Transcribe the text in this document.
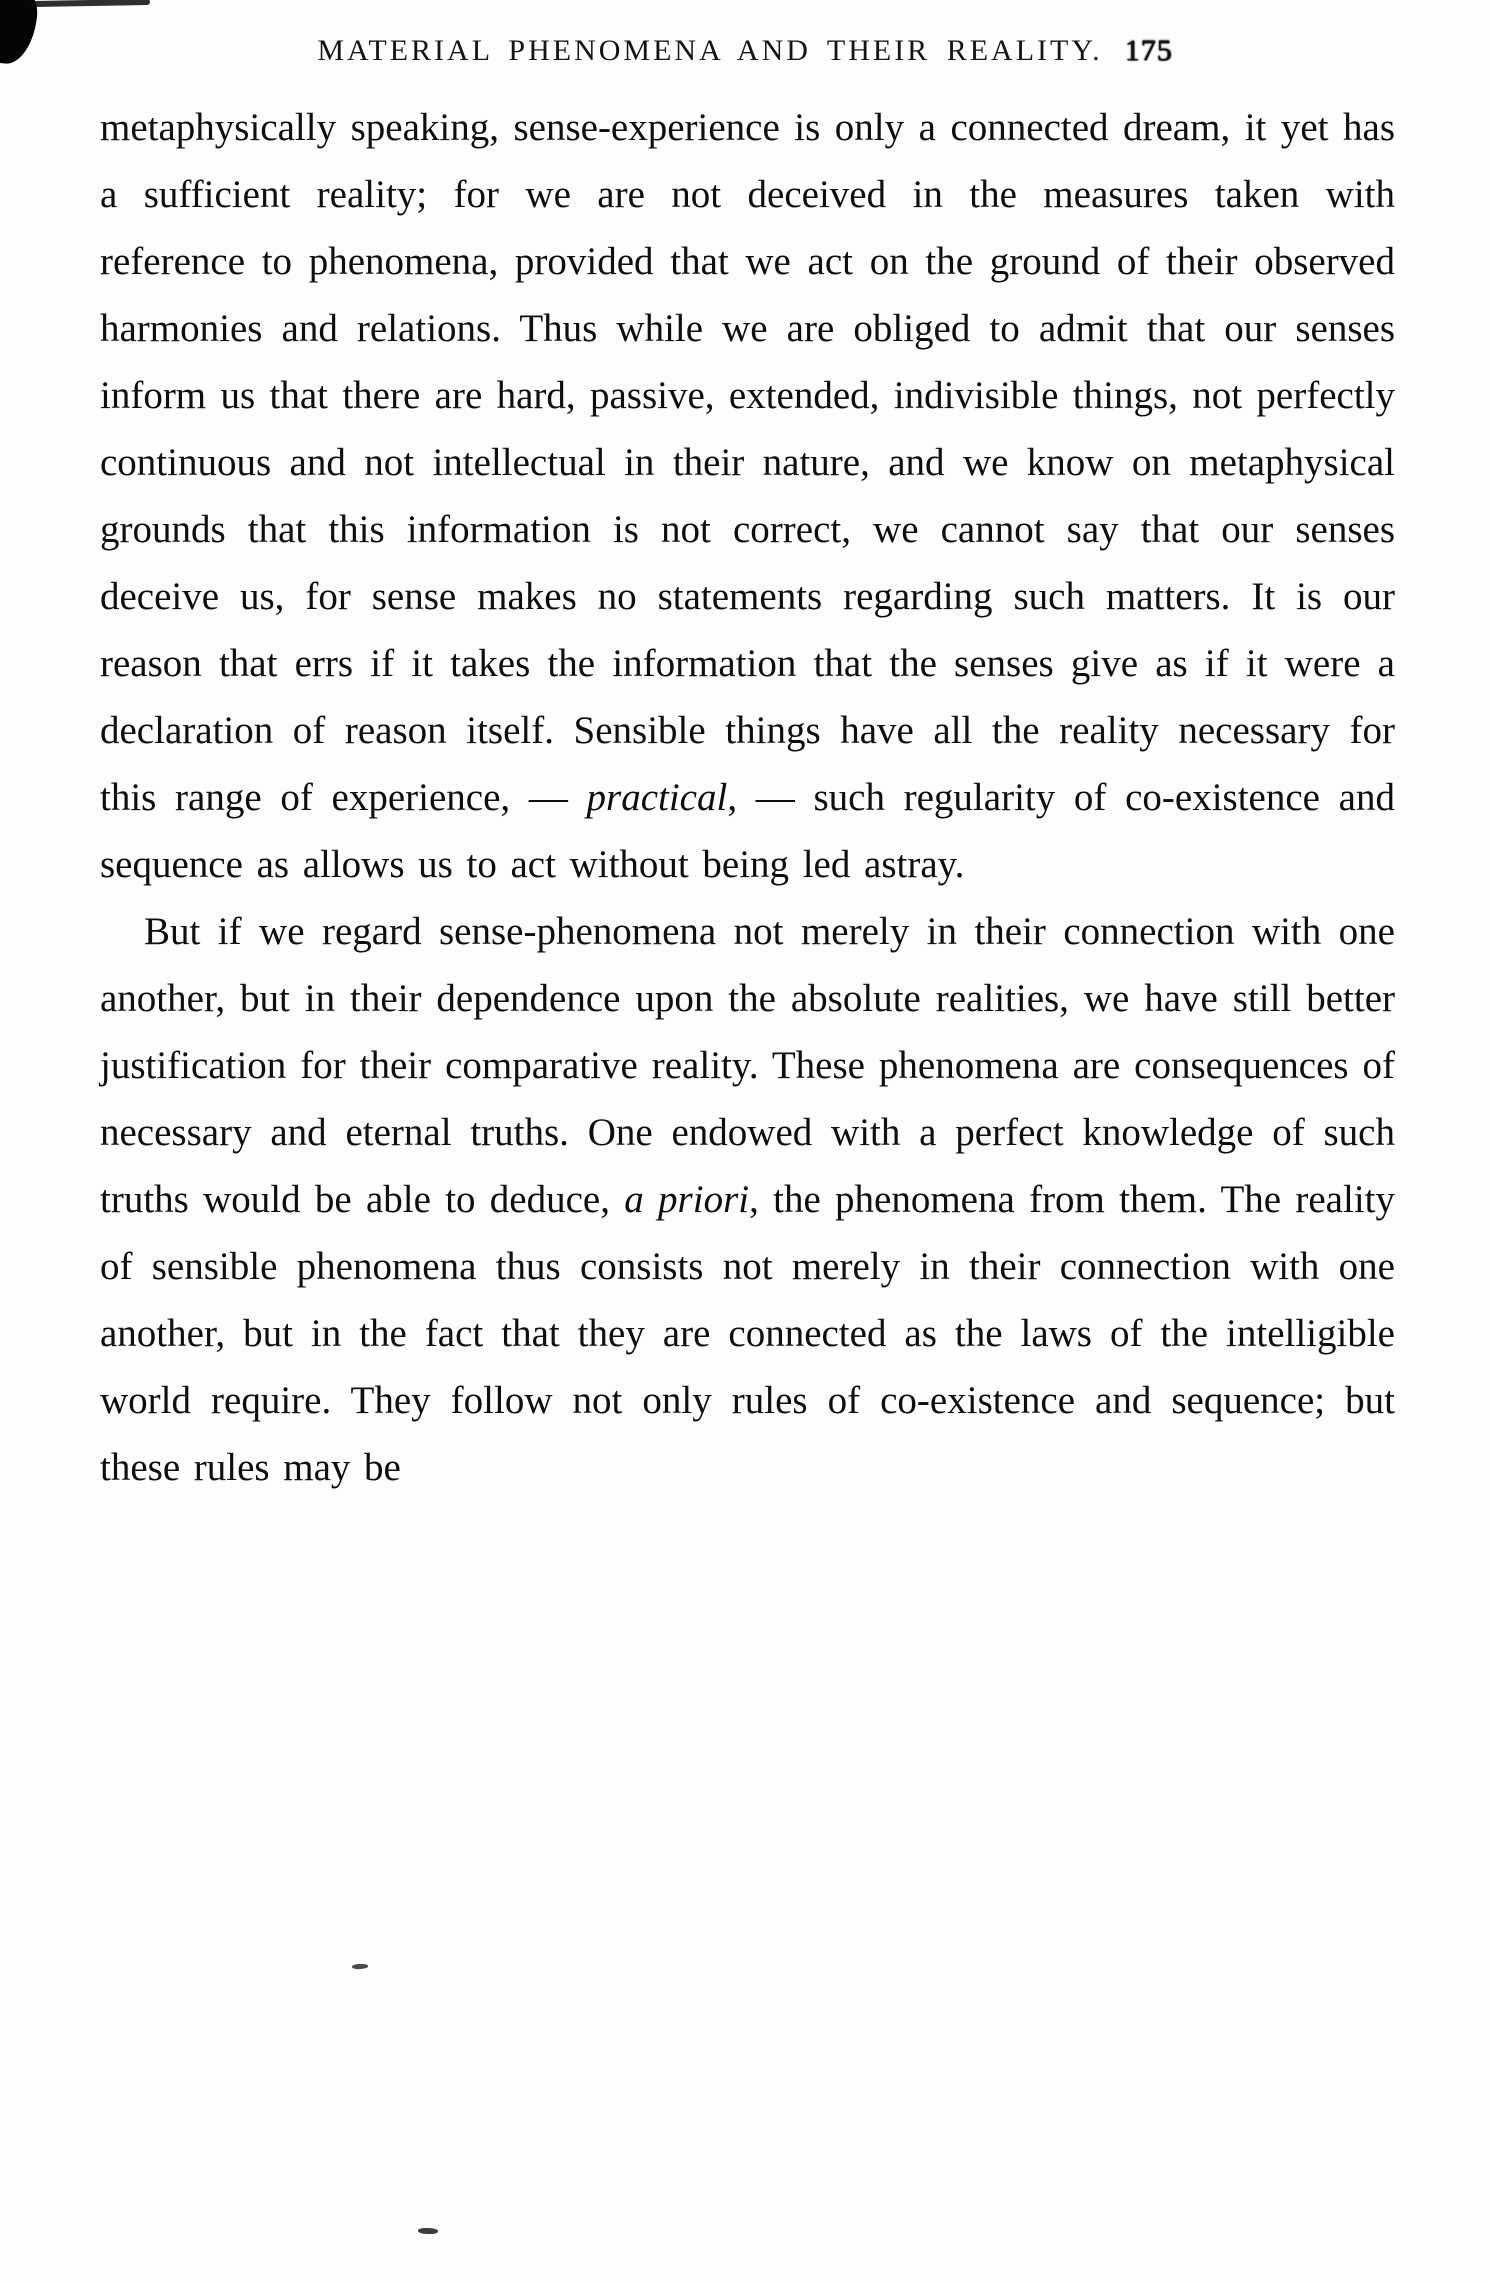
MATERIAL PHENOMENA AND THEIR REALITY. 175

metaphysically speaking, sense-experience is only a connected dream, it yet has a sufficient reality; for we are not deceived in the measures taken with reference to phenomena, provided that we act on the ground of their observed harmonies and relations. Thus while we are obliged to admit that our senses inform us that there are hard, passive, extended, indivisible things, not perfectly continuous and not intellectual in their nature, and we know on metaphysical grounds that this information is not correct, we cannot say that our senses deceive us, for sense makes no statements regarding such matters. It is our reason that errs if it takes the information that the senses give as if it were a declaration of reason itself. Sensible things have all the reality necessary for this range of experience, — practical, — such regularity of co-existence and sequence as allows us to act without being led astray.

But if we regard sense-phenomena not merely in their connection with one another, but in their dependence upon the absolute realities, we have still better justification for their comparative reality. These phenomena are consequences of necessary and eternal truths. One endowed with a perfect knowledge of such truths would be able to deduce, a priori, the phenomena from them. The reality of sensible phenomena thus consists not merely in their connection with one another, but in the fact that they are connected as the laws of the intelligible world require. They follow not only rules of co-existence and sequence; but these rules may be
